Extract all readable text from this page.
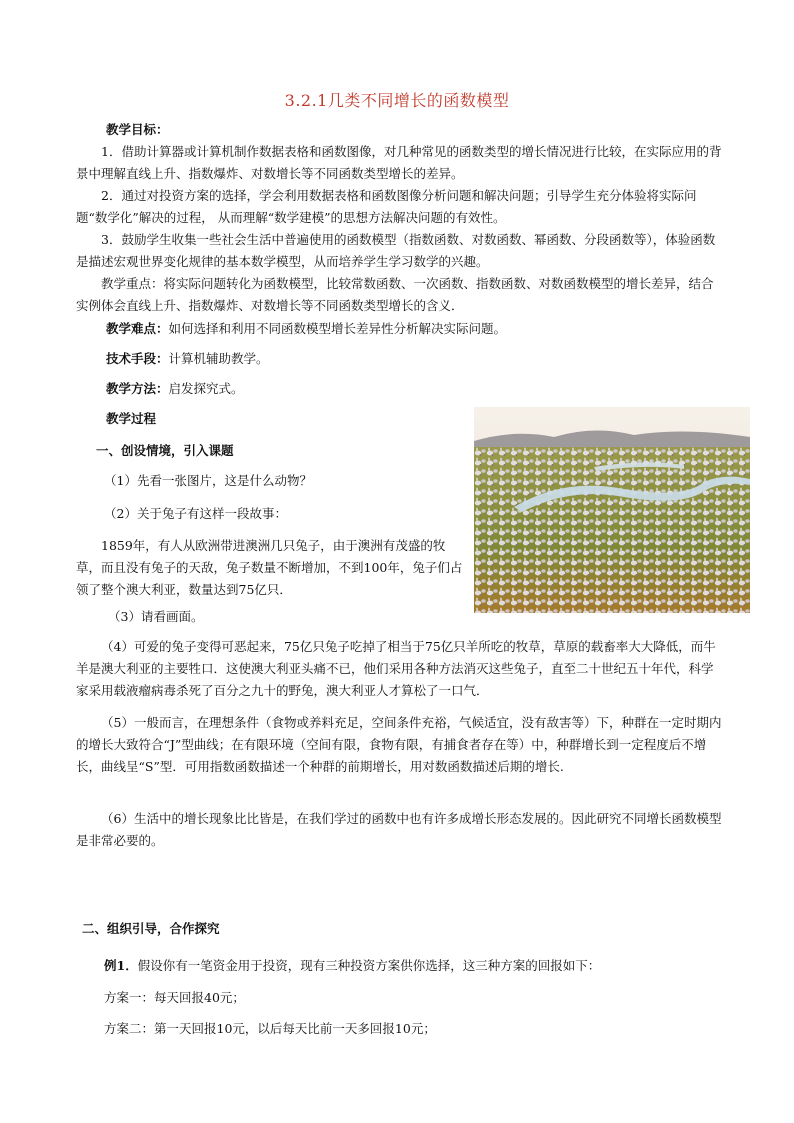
3.2.1几类不同增长的函数模型

教学目标：

1．借助计算器或计算机制作数据表格和函数图像，对几种常见的函数类型的增长情况进行比较，在实际应用的背景中理解直线上升、指数爆炸、对数增长等不同函数类型增长的差异。

2．通过对投资方案的选择，学会利用数据表格和函数图像分析问题和解决问题；引导学生充分体验将实际问题“数学化”解决的过程， 从而理解“数学建模”的思想方法解决问题的有效性。

3．鼓励学生收集一些社会生活中普遍使用的函数模型（指数函数、对数函数、幂函数、分段函数等），体验函数是描述宏观世界变化规律的基本数学模型，从而培养学生学习数学的兴趣。

教学重点：将实际问题转化为函数模型，比较常数函数、一次函数、指数函数、对数函数模型的增长差异，结合实例体会直线上升、指数爆炸、对数增长等不同函数类型增长的含义．

教学难点：如何选择和利用不同函数模型增长差异性分析解决实际问题。

技术手段：计算机辅助教学。

教学方法：启发探究式。

教学过程

一、创设情境，引入课题

（1）先看一张图片，这是什么动物？

（2）关于兔子有这样一段故事：

1859年，有人从欧洲带进澳洲几只兔子，由于澳洲有茂盛的牧草，而且没有兔子的天敌，兔子数量不断增加，不到100年，兔子们占领了整个澳大利亚，数量达到75亿只．

（3）请看画面。

（4）可爱的兔子变得可恶起来，75亿只兔子吃掉了相当于75亿只羊所吃的牧草，草原的载畜率大大降低，而牛羊是澳大利亚的主要牲口．这使澳大利亚头痛不已，他们采用各种方法消灭这些兔子，直至二十世纪五十年代，科学家采用载液瘤病毒杀死了百分之九十的野兔，澳大利亚人才算松了一口气．

（5）一般而言，在理想条件（食物或养料充足，空间条件充裕，气候适宜，没有敌害等）下，种群在一定时期内的增长大致符合“J”型曲线；在有限环境（空间有限，食物有限，有捕食者存在等）中，种群增长到一定程度后不增长，曲线呈“S”型．可用指数函数描述一个种群的前期增长，用对数函数描述后期的增长.

（6）生活中的增长现象比比皆是，在我们学过的函数中也有许多成增长形态发展的。因此研究不同增长函数模型是非常必要的。

二、组织引导，合作探究

例1．假设你有一笔资金用于投资，现有三种投资方案供你选择，这三种方案的回报如下：

方案一：每天回报40元；

方案二：第一天回报10元，以后每天比前一天多回报10元；
